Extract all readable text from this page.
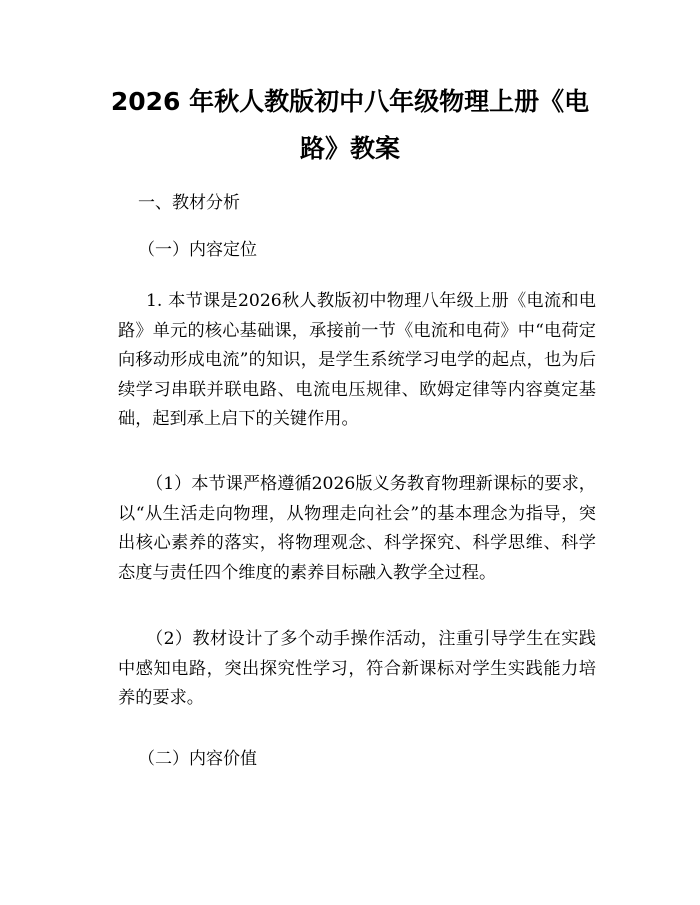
2026 年秋人教版初中八年级物理上册《电
路》教案

一、教材分析

（一）内容定位

1. 本节课是2026秋人教版初中物理八年级上册《电流和电路》单元的核心基础课，承接前一节《电流和电荷》中“电荷定向移动形成电流”的知识，是学生系统学习电学的起点，也为后续学习串联并联电路、电流电压规律、欧姆定律等内容奠定基础，起到承上启下的关键作用。

（1）本节课严格遵循2026版义务教育物理新课标的要求，以“从生活走向物理，从物理走向社会”的基本理念为指导，突出核心素养的落实，将物理观念、科学探究、科学思维、科学态度与责任四个维度的素养目标融入教学全过程。

（2）教材设计了多个动手操作活动，注重引导学生在实践中感知电路，突出探究性学习，符合新课标对学生实践能力培养的要求。

（二）内容价值
